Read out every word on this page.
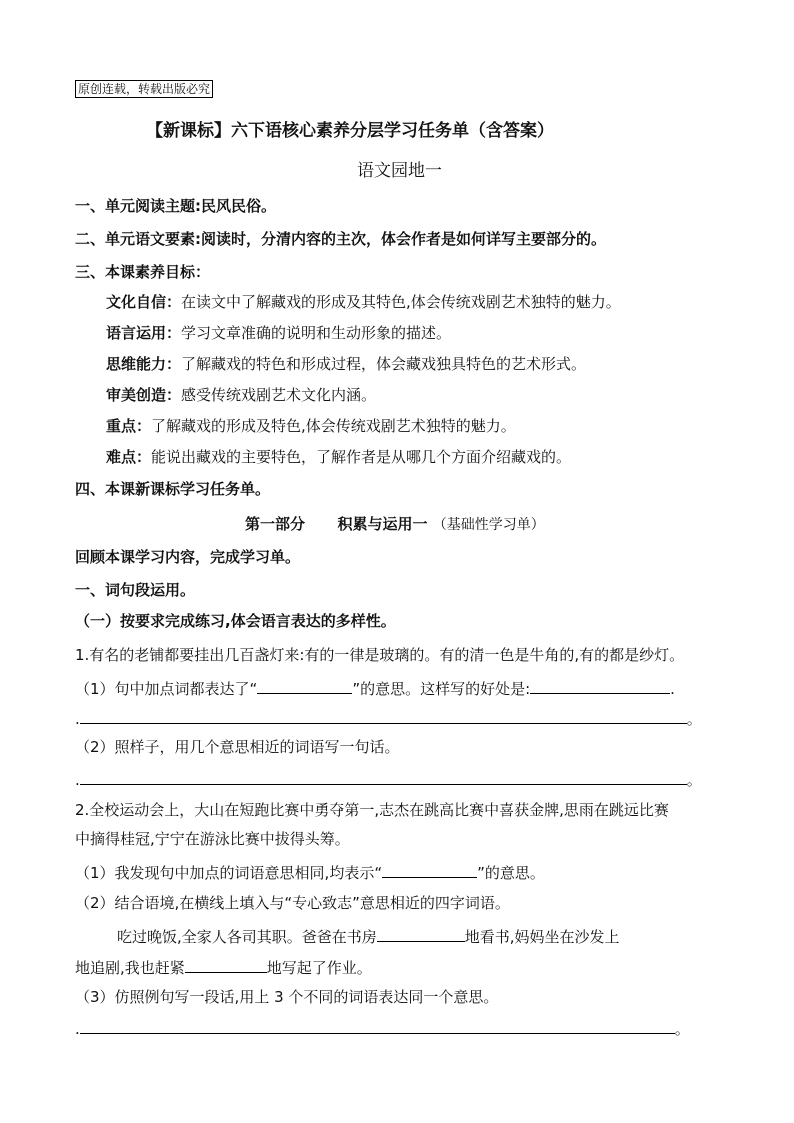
原创连载，转载出版必究
【新课标】六下语核心素养分层学习任务单（含答案）
语文园地一
一、单元阅读主题:民风民俗。
二、单元语文要素:阅读时，分清内容的主次，体会作者是如何详写主要部分的。
三、本课素养目标：
文化自信：在读文中了解藏戏的形成及其特色,体会传统戏剧艺术独特的魅力。
语言运用：学习文章准确的说明和生动形象的描述。
思维能力：了解藏戏的特色和形成过程，体会藏戏独具特色的艺术形式。
审美创造：感受传统戏剧艺术文化内涵。
重点：了解藏戏的形成及特色,体会传统戏剧艺术独特的魅力。
难点：能说出藏戏的主要特色，了解作者是从哪几个方面介绍藏戏的。
四、本课新课标学习任务单。
第一部分 积累与运用一 （基础性学习单）
回顾本课学习内容，完成学习单。
一、词句段运用。
（一）按要求完成练习,体会语言表达的多样性。
1.有名的老铺都要挂出几百盏灯来:有的一律是玻璃的。有的清一色是牛角的,有的都是纱灯。
（1）句中加点词都表达了“	”的意思。这样写的好处是:	.
.	。
（2）照样子，用几个意思相近的词语写一句话。
.	。
2.全校运动会上，大山在短跑比赛中勇夺第一,志杰在跳高比赛中喜获金牌,思雨在跳远比赛
中摘得桂冠,宁宁在游泳比赛中拔得头筹。
（1）我发现句中加点的词语意思相同,均表示“	”的意思。
（2）结合语境,在横线上填入与“专心致志”意思相近的四字词语。
吃过晚饭,全家人各司其职。爸爸在书房	地看书,妈妈坐在沙发上
地追剧,我也赶紧	地写起了作业。
（3）仿照例句写一段话,用上 3 个不同的词语表达同一个意思。
.	。
